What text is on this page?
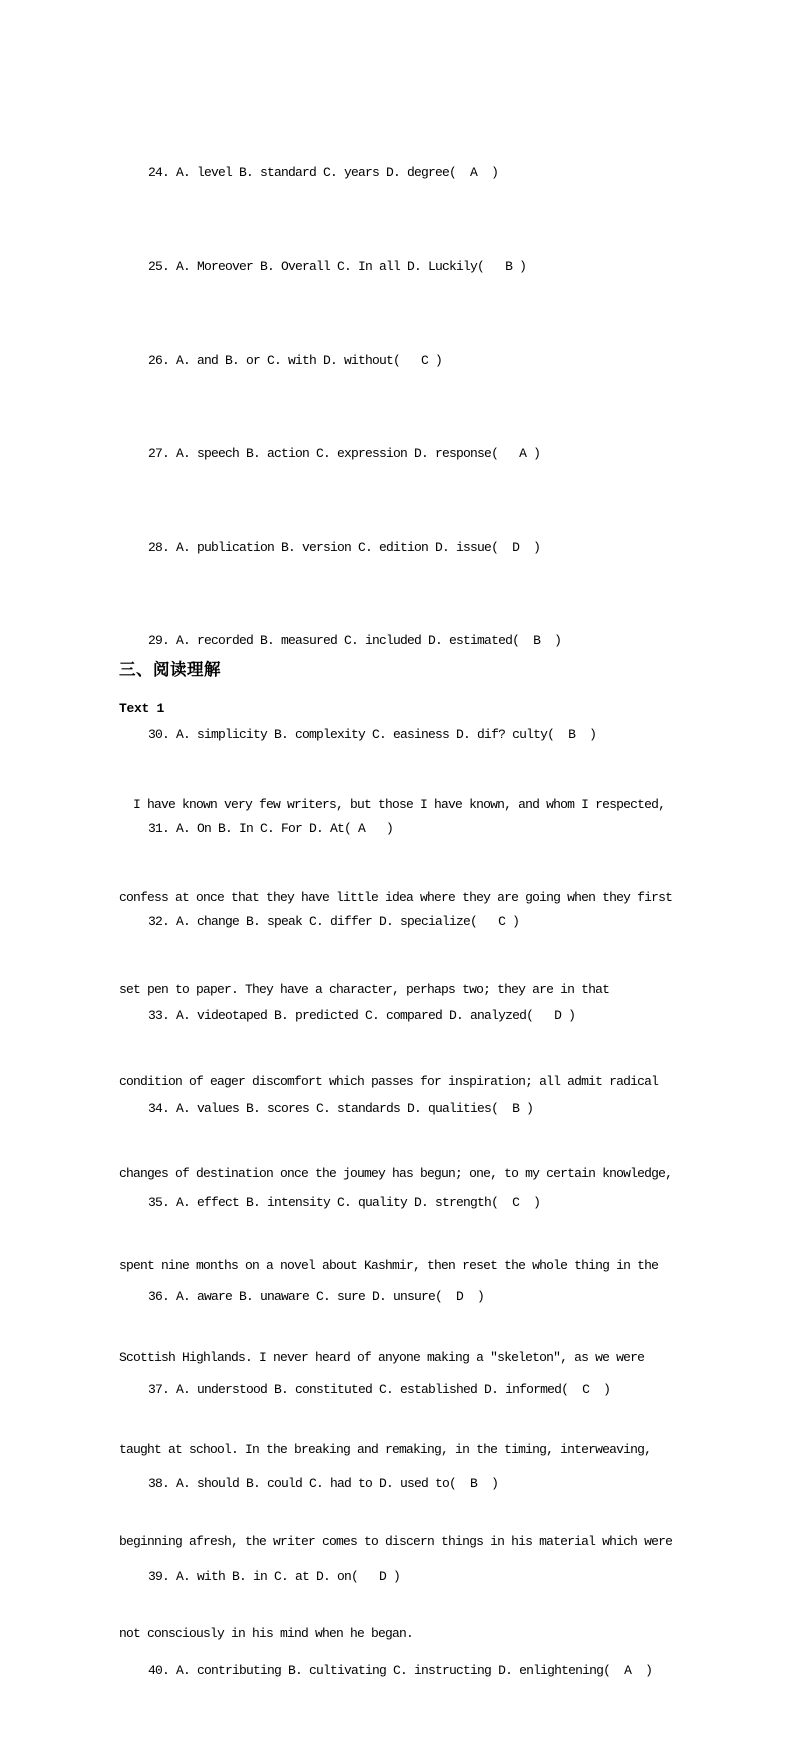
24. A. level B. standard C. years D. degree(  A  )

25. A. Moreover B. Overall C. In all D. Luckily(   B )

26. A. and B. or C. with D. without(   C )

27. A. speech B. action C. expression D. response(   A )

28. A. publication B. version C. edition D. issue(  D  )

29. A. recorded B. measured C. included D. estimated(  B  )

30. A. simplicity B. complexity C. easiness D. dif? culty(  B  )

31. A. On B. In C. For D. At( A   )

32. A. change B. speak C. differ D. specialize(   C )

33. A. videotaped B. predicted C. compared D. analyzed(   D )

34. A. values B. scores C. standards D. qualities(  B )

35. A. effect B. intensity C. quality D. strength(  C  )

36. A. aware B. unaware C. sure D. unsure(  D  )

37. A. understood B. constituted C. established D. informed(  C  )

38. A. should B. could C. had to D. used to(  B  )

39. A. with B. in C. at D. on(   D )

40. A. contributing B. cultivating C. instructing D. enlightening(  A  )

三、阅读理解
Text 1

I have known very few writers, but those I have known, and whom I respected,

confess at once that they have little idea where they are going when they first

set pen to paper. They have a character, perhaps two; they are in that

condition of eager discomfort which passes for inspiration; all admit radical

changes of destination once the joumey has begun; one, to my certain knowledge,

spent nine months on a novel about Kashmir, then reset the whole thing in the

Scottish Highlands. I never heard of anyone making a ″skeleton″, as we were

taught at school. In the breaking and remaking, in the timing, interweaving,

beginning afresh, the writer comes to discern things in his material which were

not consciously in his mind when he began.
